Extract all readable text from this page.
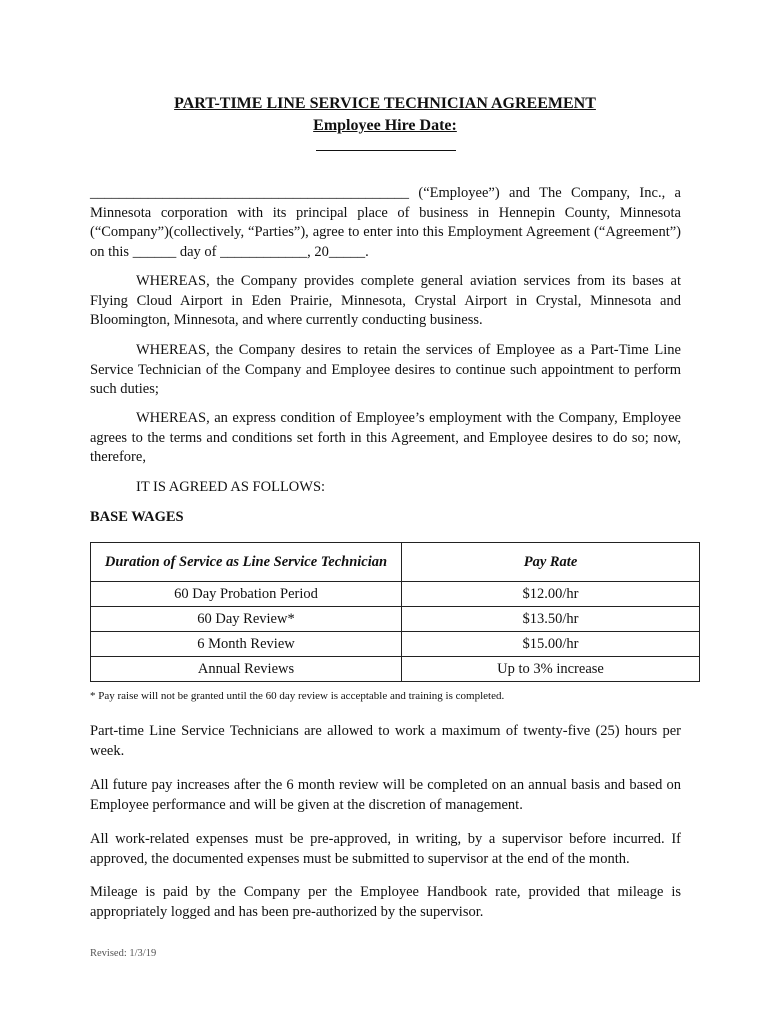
PART-TIME LINE SERVICE TECHNICIAN AGREEMENT
Employee Hire Date:
____________________________________________ (“Employee”) and The Company, Inc., a Minnesota corporation with its principal place of business in Hennepin County, Minnesota (“Company”)(collectively, “Parties”), agree to enter into this Employment Agreement (“Agreement”) on this ______ day of ____________, 20_____.
WHEREAS, the Company provides complete general aviation services from its bases at Flying Cloud Airport in Eden Prairie, Minnesota, Crystal Airport in Crystal, Minnesota and Bloomington, Minnesota, and where currently conducting business.
WHEREAS, the Company desires to retain the services of Employee as a Part-Time Line Service Technician of the Company and Employee desires to continue such appointment to perform such duties;
WHEREAS, an express condition of Employee’s employment with the Company, Employee agrees to the terms and conditions set forth in this Agreement, and Employee desires to do so; now, therefore,
IT IS AGREED AS FOLLOWS:
BASE WAGES
Duration of Service as Line Service Technician	Pay Rate
60 Day Probation Period	$12.00/hr
60 Day Review*	$13.50/hr
6 Month Review	$15.00/hr
Annual Reviews	Up to 3% increase
* Pay raise will not be granted until the 60 day review is acceptable and training is completed.
Part-time Line Service Technicians are allowed to work a maximum of twenty-five (25) hours per week.
All future pay increases after the 6 month review will be completed on an annual basis and based on Employee performance and will be given at the discretion of management.
All work-related expenses must be pre-approved, in writing, by a supervisor before incurred. If approved, the documented expenses must be submitted to supervisor at the end of the month.
Mileage is paid by the Company per the Employee Handbook rate, provided that mileage is appropriately logged and has been pre-authorized by the supervisor.
Revised: 1/3/19
